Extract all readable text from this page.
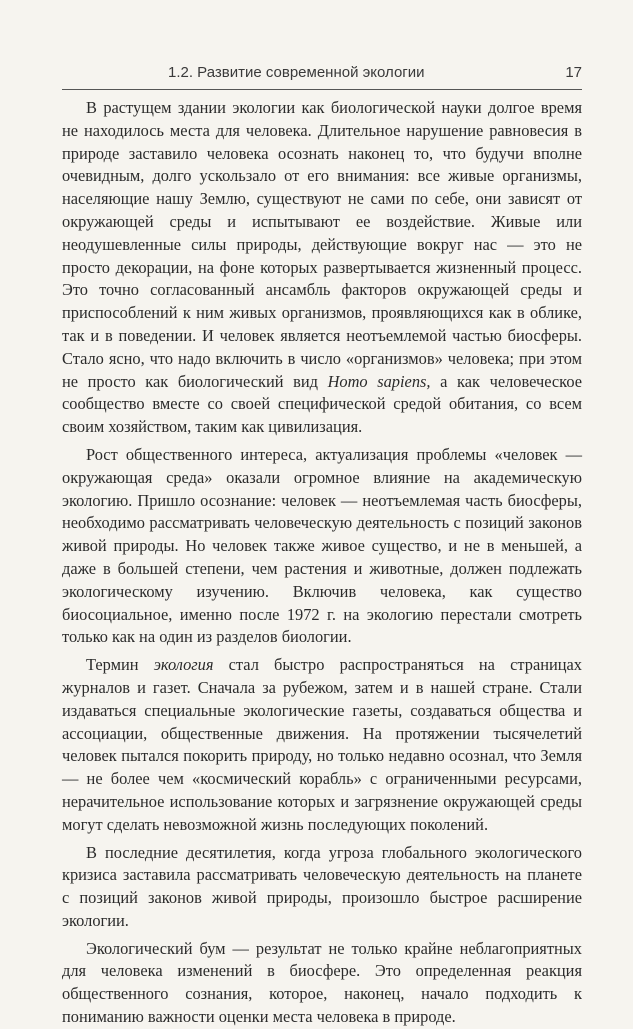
1.2. Развитие современной экологии	17

В растущем здании экологии как биологической науки долгое время не находилось места для человека. Длительное нарушение равновесия в природе заставило человека осознать наконец то, что будучи вполне очевидным, долго ускользало от его внимания: все живые организмы, населяющие нашу Землю, существуют не сами по себе, они зависят от окружающей среды и испытывают ее воздействие. Живые или неодушевленные силы природы, действующие вокруг нас — это не просто декорации, на фоне которых развертывается жизненный процесс. Это точно согласованный ансамбль факторов окружающей среды и приспособлений к ним живых организмов, проявляющихся как в облике, так и в поведении. И человек является неотъемлемой частью биосферы. Стало ясно, что надо включить в число «организмов» человека; при этом не просто как биологический вид Homo sapiens, а как человеческое сообщество вместе со своей специфической средой обитания, со всем своим хозяйством, таким как цивилизация.

Рост общественного интереса, актуализация проблемы «человек — окружающая среда» оказали огромное влияние на академическую экологию. Пришло осознание: человек — неотъемлемая часть биосферы, необходимо рассматривать человеческую деятельность с позиций законов живой природы. Но человек также живое существо, и не в меньшей, а даже в большей степени, чем растения и животные, должен подлежать экологическому изучению. Включив человека, как существо биосоциальное, именно после 1972 г. на экологию перестали смотреть только как на один из разделов биологии.

Термин экология стал быстро распространяться на страницах журналов и газет. Сначала за рубежом, затем и в нашей стране. Стали издаваться специальные экологические газеты, создаваться общества и ассоциации, общественные движения. На протяжении тысячелетий человек пытался покорить природу, но только недавно осознал, что Земля — не более чем «космический корабль» с ограниченными ресурсами, нерачительное использование которых и загрязнение окружающей среды могут сделать невозможной жизнь последующих поколений.

В последние десятилетия, когда угроза глобального экологического кризиса заставила рассматривать человеческую деятельность на планете с позиций законов живой природы, произошло быстрое расширение экологии.

Экологический бум — результат не только крайне неблагоприятных для человека изменений в биосфере. Это определенная реакция общественного сознания, которое, наконец, начало подходить к пониманию важности оценки места человека в природе.
